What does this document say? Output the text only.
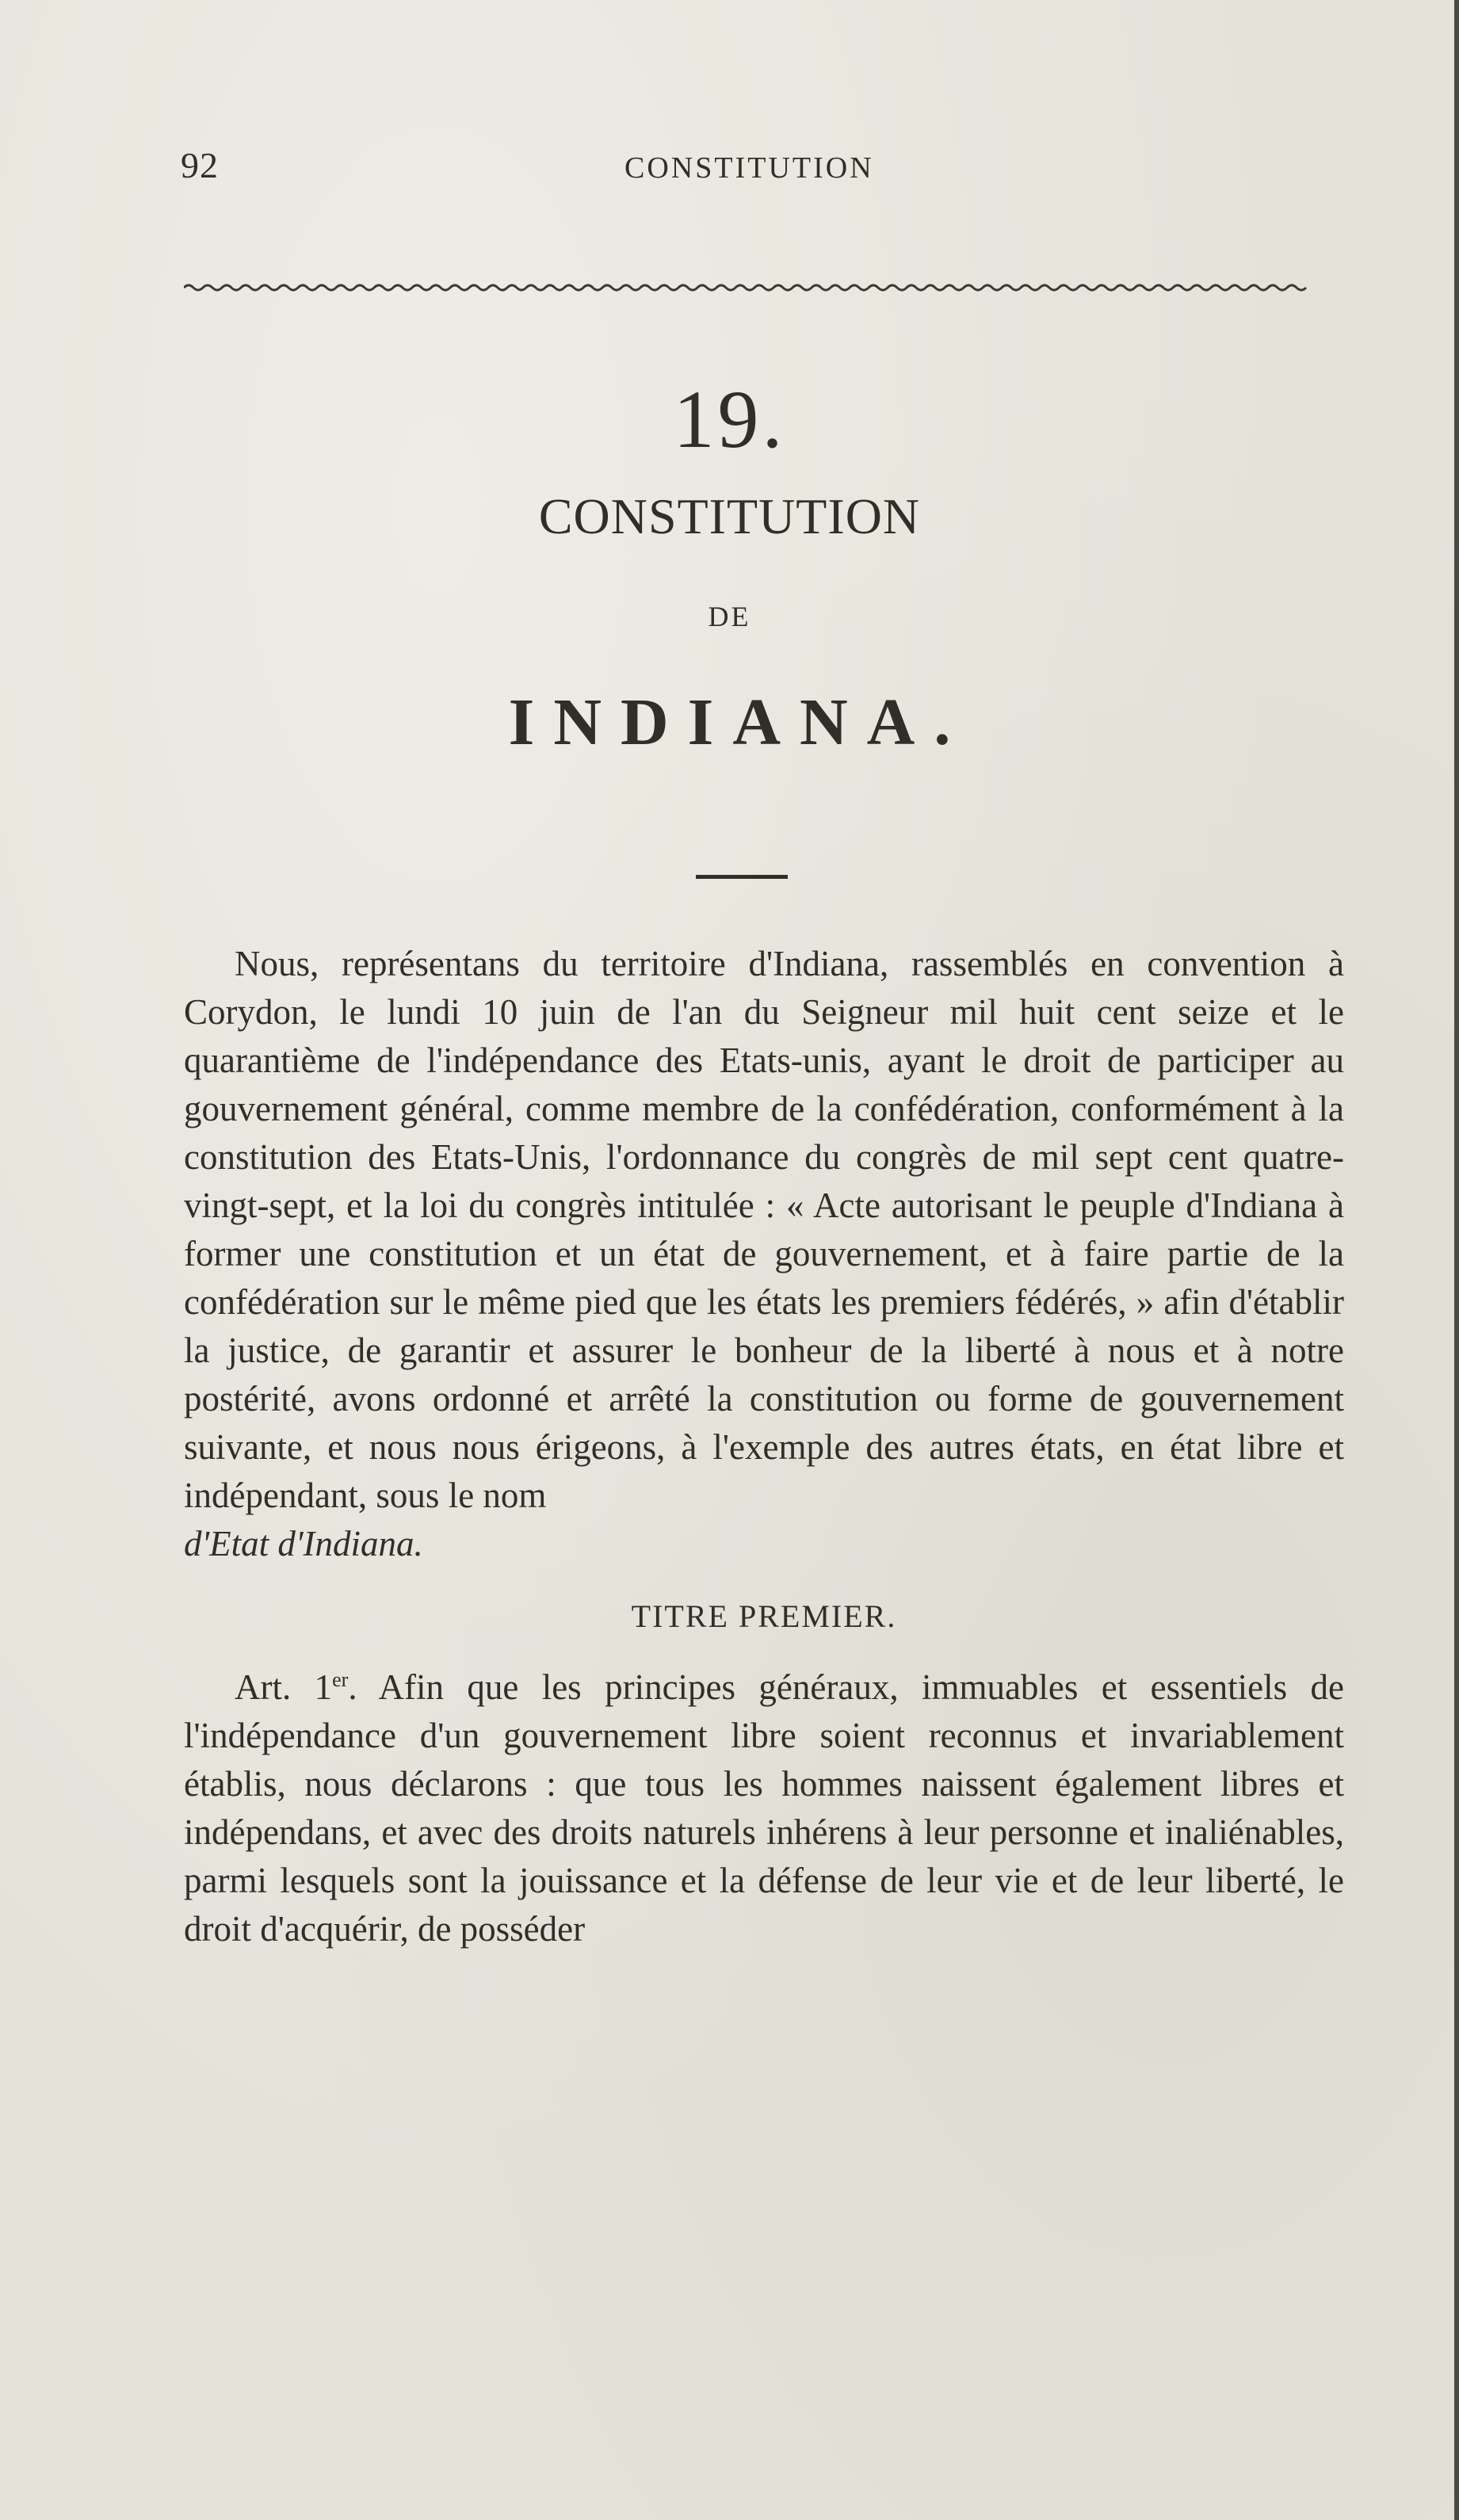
92	CONSTITUTION
19.
CONSTITUTION
DE
INDIANA.

Nous, représentans du territoire d'Indiana, rassemblés en convention à Corydon, le lundi 10 juin de l'an du Seigneur mil huit cent seize et le quarantième de l'indépendance des Etats-unis, ayant le droit de participer au gouvernement général, comme membre de la confédération, conformément à la constitution des Etats-Unis, l'ordonnance du congrès de mil sept cent quatre-vingt-sept, et la loi du congrès intitulée : « Acte autorisant le peuple d'Indiana à former une constitution et un état de gouvernement, et à faire partie de la confédération sur le même pied que les états les premiers fédérés, » afin d'établir la justice, de garantir et assurer le bonheur de la liberté à nous et à notre postérité, avons ordonné et arrêté la constitution ou forme de gouvernement suivante, et nous nous érigeons, à l'exemple des autres états, en état libre et indépendant, sous le nom

d'Etat d'Indiana.

TITRE PREMIER.

Art. 1er. Afin que les principes généraux, immuables et essentiels de l'indépendance d'un gouvernement libre soient reconnus et invariablement établis, nous déclarons : que tous les hommes naissent également libres et indépendans, et avec des droits naturels inhérens à leur personne et inaliénables, parmi lesquels sont la jouissance et la défense de leur vie et de leur liberté, le droit d'acquérir, de posséder
